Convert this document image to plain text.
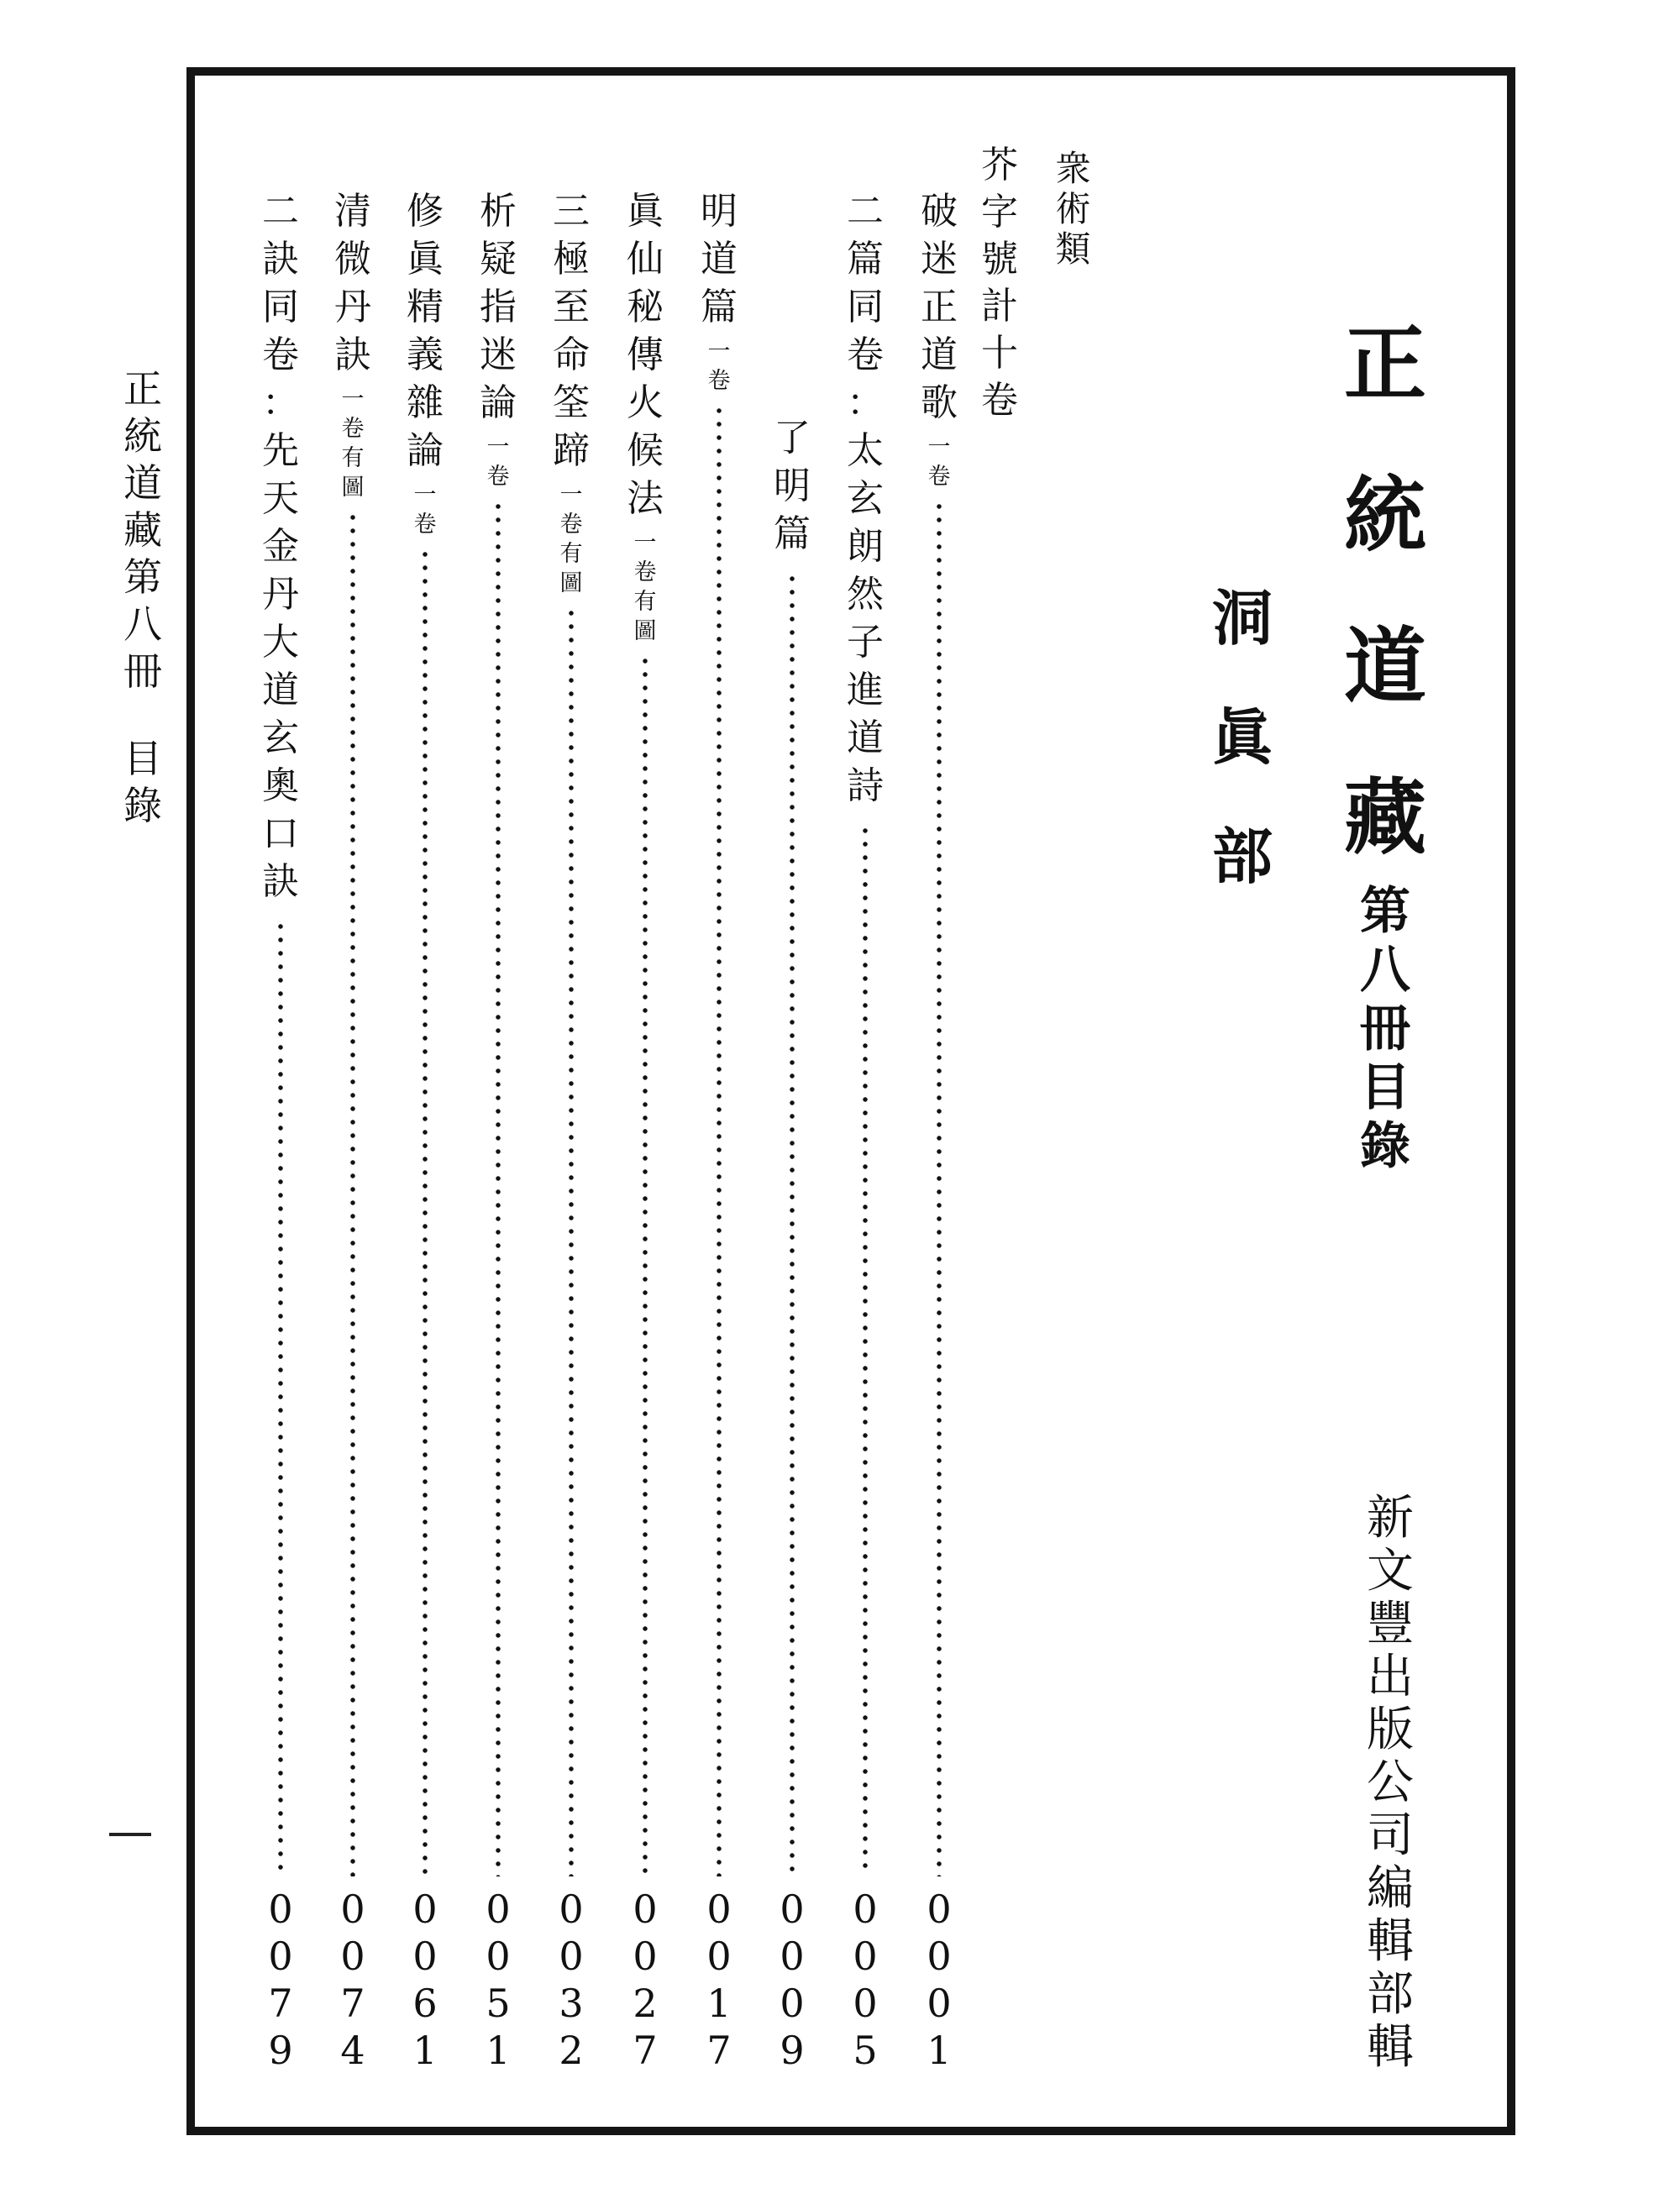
正
統
道
藏
第
八
冊
目
錄
洞
眞
部
新
文
豐
出
版
公
司
編
輯
部
輯
衆
術
類
芥
字
號
計
十
卷
破
迷
正
道
歌
一
卷
0
0
0
1
二
篇
同
卷
：
太
玄
朗
然
子
進
道
詩
0
0
0
5
了
明
篇
0
0
0
9
明
道
篇
一
卷
0
0
1
7
眞
仙
秘
傳
火
候
法
一
卷
有
圖
0
0
2
7
三
極
至
命
筌
蹄
一
卷
有
圖
0
0
3
2
析
疑
指
迷
論
一
卷
0
0
5
1
修
眞
精
義
雜
論
一
卷
0
0
6
1
清
微
丹
訣
一
卷
有
圖
0
0
7
4
二
訣
同
卷
：
先
天
金
丹
大
道
玄
奧
口
訣
0
0
7
9
正
統
道
藏
第
八
冊
目
錄
